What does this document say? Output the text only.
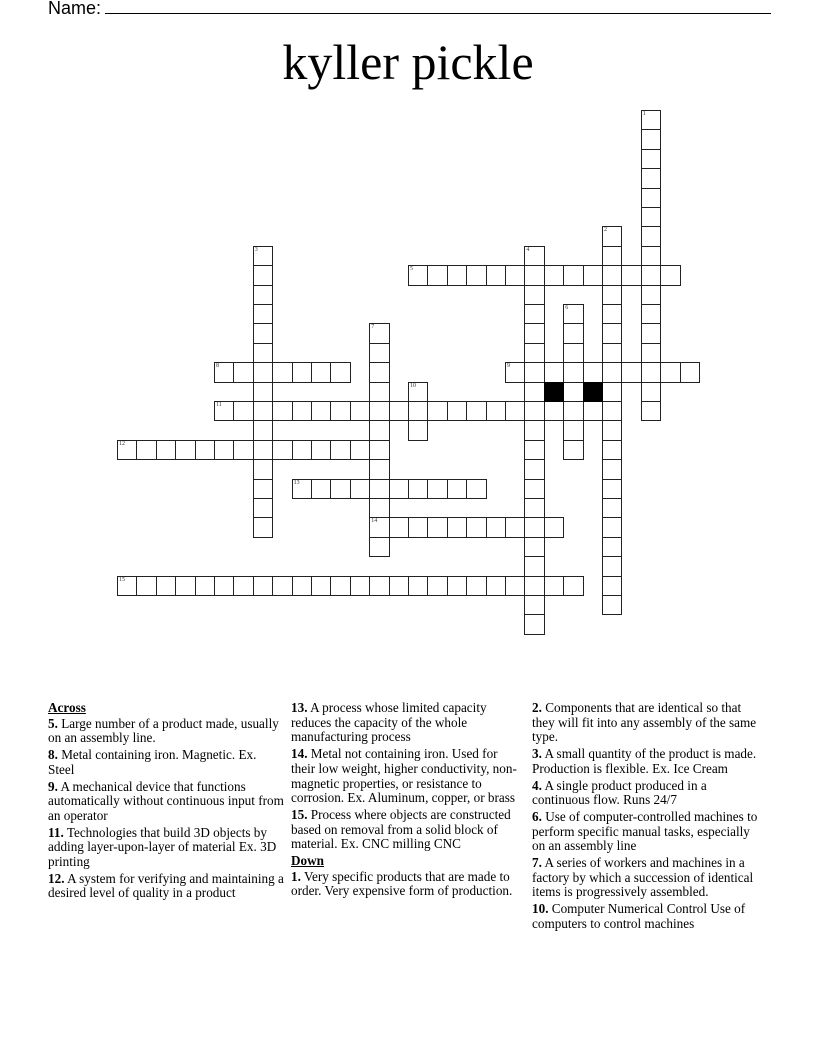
Name:
kyller pickle
1
2
3	4
5
6
7
14
8	9
10
11
12
13
15
Across
5. Large number of a product made, usually on an assembly line.
8. Metal containing iron. Magnetic. Ex. Steel
9. A mechanical device that functions automatically without continuous input from an operator
11. Technologies that build 3D objects by adding layer-upon-layer of material Ex. 3D printing
12. A system for verifying and maintaining a desired level of quality in a product
13. A process whose limited capacity reduces the capacity of the whole manufacturing process
14. Metal not containing iron. Used for their low weight, higher conductivity, non-magnetic properties, or resistance to corrosion. Ex. Aluminum, copper, or brass
15. Process where objects are constructed based on removal from a solid block of material. Ex. CNC milling CNC
Down
1. Very specific products that are made to order. Very expensive form of production.
2. Components that are identical so that they will fit into any assembly of the same type.
3. A small quantity of the product is made. Production is flexible. Ex. Ice Cream
4. A single product produced in a continuous flow. Runs 24/7
6. Use of computer-controlled machines to perform specific manual tasks, especially on an assembly line
7. A series of workers and machines in a factory by which a succession of identical items is progressively assembled.
10. Computer Numerical Control Use of computers to control machines
